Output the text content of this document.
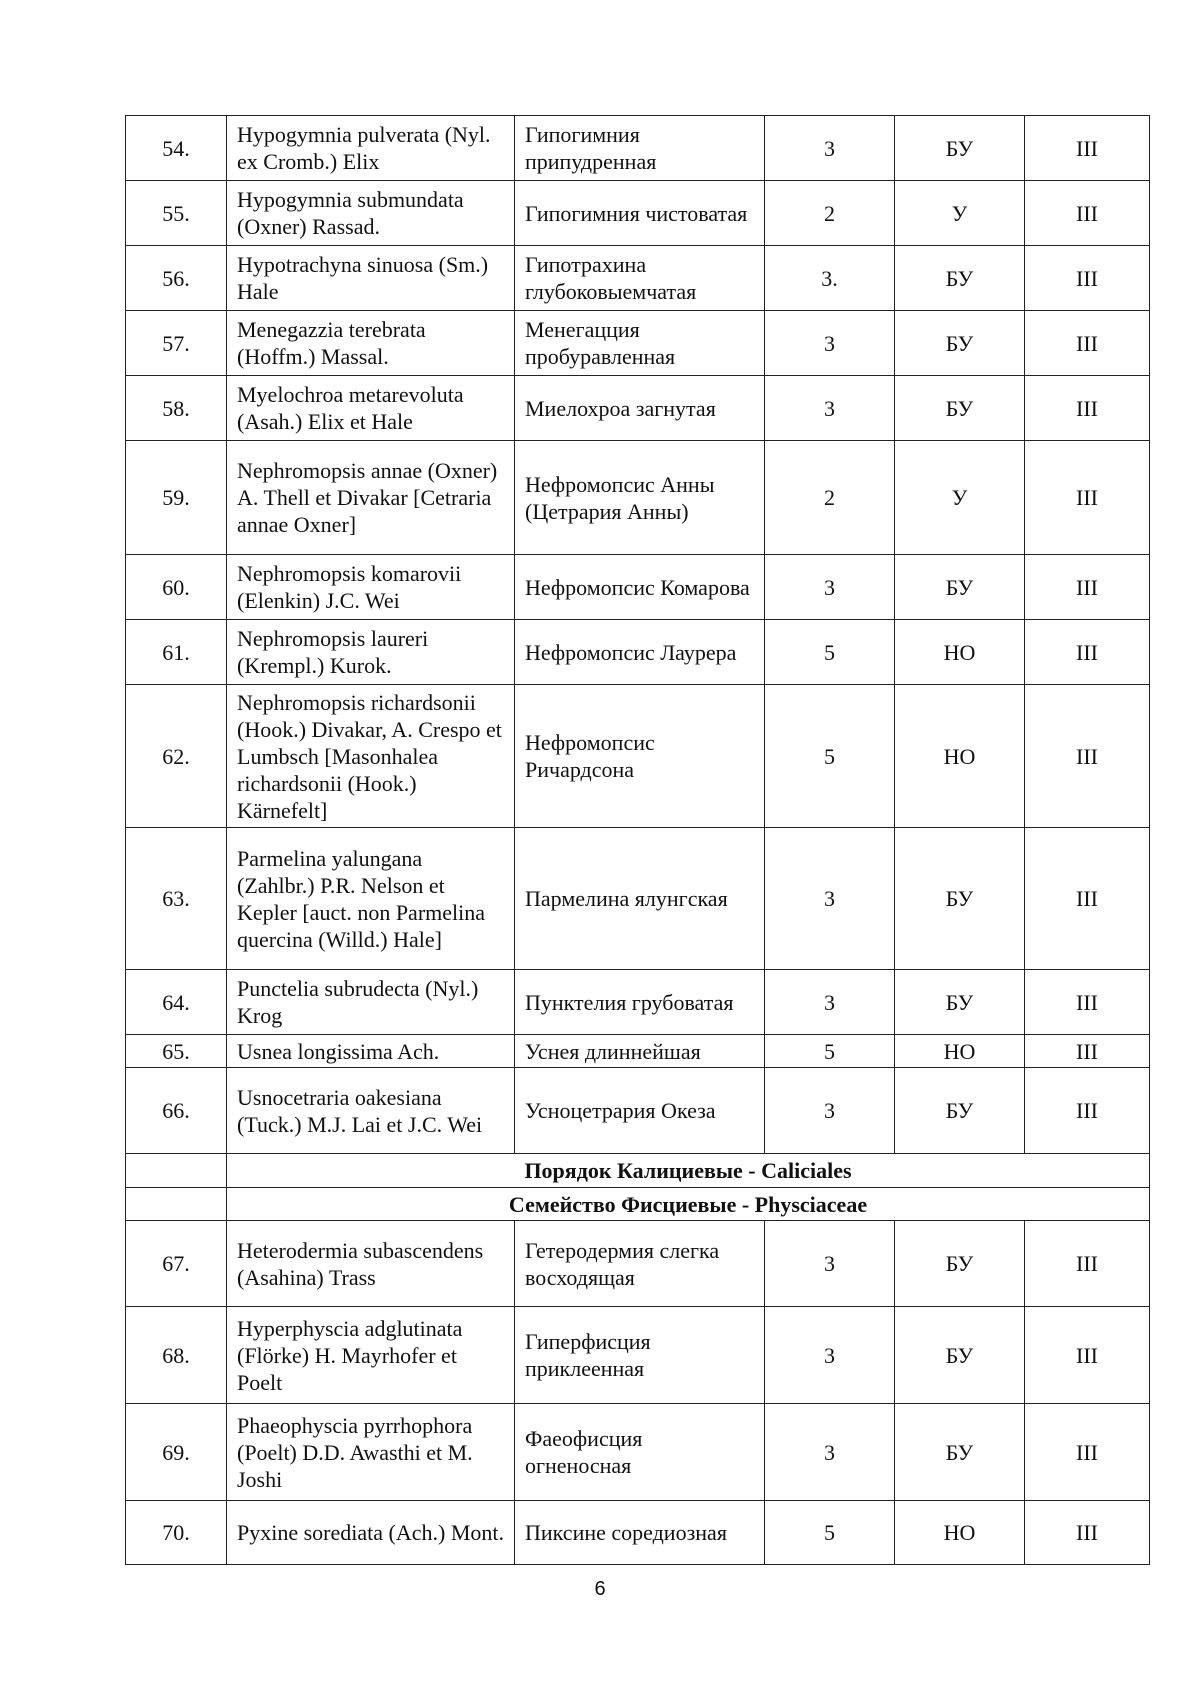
54.	Hypogymnia pulverata (Nyl. ex Cromb.) Elix	Гипогимния припудренная	3	БУ	III
55.	Hypogymnia submundata (Oxner) Rassad.	Гипогимния чистоватая	2	У	III
56.	Hypotrachyna sinuosa (Sm.) Hale	Гипотрахина глубоковыемчатая	3.	БУ	III
57.	Menegazzia terebrata (Hoffm.) Massal.	Менегацция пробуравленная	3	БУ	III
58.	Myelochroa metarevoluta (Asah.) Elix et Hale	Миелохроа загнутая	3	БУ	III
59.	Nephromopsis annae (Oxner) A. Thell et Divakar [Cetraria annae Oxner]	Нефромопсис Анны (Цетрария Анны)	2	У	III
60.	Nephromopsis komarovii (Elenkin) J.C. Wei	Нефромопсис Комарова	3	БУ	III
61.	Nephromopsis laureri (Krempl.) Kurok.	Нефромопсис Лаурера	5	НО	III
62.	Nephromopsis richardsonii (Hook.) Divakar, A. Crespo et Lumbsch [Masonhalea richardsonii (Hook.) Kärnefelt]	Нефромопсис Ричардсона	5	НО	III
63.	Parmelina yalungana (Zahlbr.) P.R. Nelson et Kepler [auct. non Parmelina quercina (Willd.) Hale]	Пармелина ялунгская	3	БУ	III
64.	Punctelia subrudecta (Nyl.) Krog	Пунктелия грубоватая	3	БУ	III
65.	Usnea longissima Ach.	Уснея длиннейшая	5	НО	III
66.	Usnocetraria oakesiana (Tuck.) M.J. Lai et J.C. Wei	Усноцетрария Океза	3	БУ	III
	Порядок Калициевые - Caliciales				
	Семейство Фисциевые - Physciaceae				
67.	Heterodermia subascendens (Asahina) Trass	Гетеродермия слегка восходящая	3	БУ	III
68.	Hyperphyscia adglutinata (Flörke) H. Mayrhofer et Poelt	Гиперфисция приклеенная	3	БУ	III
69.	Phaeophyscia pyrrhophora (Poelt) D.D. Awasthi et M. Joshi	Фаеофисция огненосная	3	БУ	III
70.	Pyxine sorediata (Ach.) Mont.	Пиксине соредиозная	5	НО	III
6
